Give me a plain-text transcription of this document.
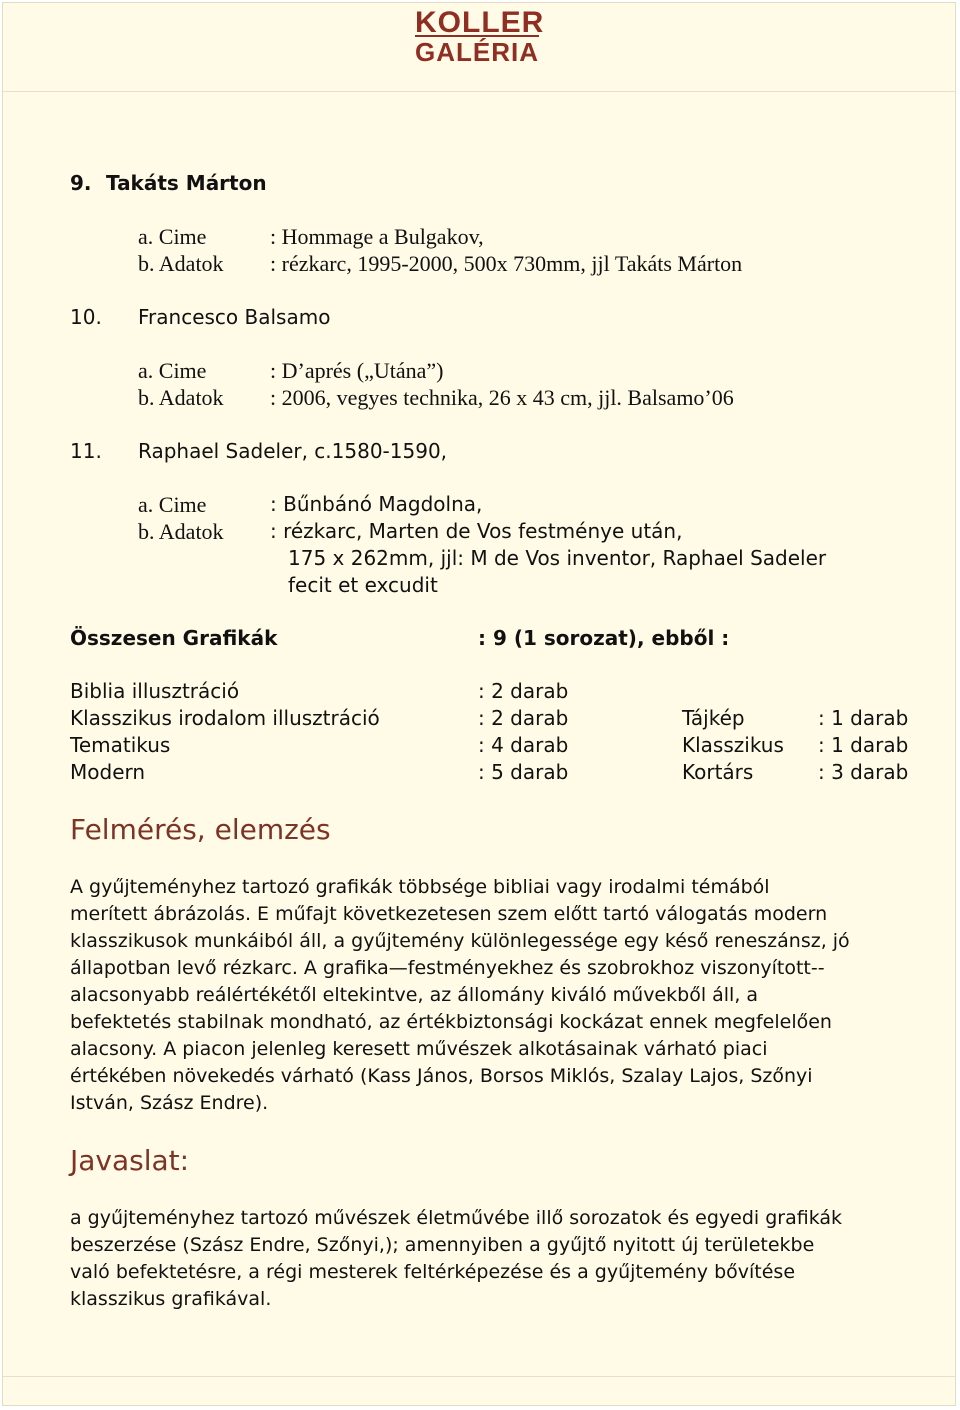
KOLLER
GALÉRIA
9. Takáts Márton
a. Cime	: Hommage a Bulgakov,
b. Adatok : rézkarc, 1995-2000, 500x 730mm, jjl Takáts Márton
10. Francesco Balsamo
a. Cime	: D’aprés („Utána”)
b. Adatok : 2006, vegyes technika, 26 x 43 cm, jjl. Balsamo’06
11. Raphael Sadeler, c.1580-1590,
a. Cime	: Bűnbánó Magdolna,
b. Adatok : rézkarc, Marten de Vos festménye után,
175 x 262mm, jjl: M de Vos inventor, Raphael Sadeler
fecit et excudit
Összesen Grafikák	: 9 (1 sorozat), ebből :
Biblia illusztráció	: 2 darab
Klasszikus irodalom illusztráció	: 2 darab	Tájkép	: 1 darab
Tematikus	: 4 darab	Klasszikus : 1 darab
Modern	: 5 darab	Kortárs	: 3 darab
Felmérés, elemzés
A gyűjteményhez tartozó grafikák többsége bibliai vagy irodalmi témából
merített ábrázolás. E műfajt következetesen szem előtt tartó válogatás modern
klasszikusok munkáiból áll, a gyűjtemény különlegessége egy késő reneszánsz, jó
állapotban levő rézkarc. A grafika—festményekhez és szobrokhoz viszonyított--
alacsonyabb reálértékétől eltekintve, az állomány kiváló művekből áll, a
befektetés stabilnak mondható, az értékbiztonsági kockázat ennek megfelelően
alacsony. A piacon jelenleg keresett művészek alkotásainak várható piaci
értékében növekedés várható (Kass János, Borsos Miklós, Szalay Lajos, Szőnyi
István, Szász Endre).
Javaslat:
a gyűjteményhez tartozó művészek életművébe illő sorozatok és egyedi grafikák
beszerzése (Szász Endre, Szőnyi,); amennyiben a gyűjtő nyitott új területekbe
való befektetésre, a régi mesterek feltérképezése és a gyűjtemény bővítése
klasszikus grafikával.
